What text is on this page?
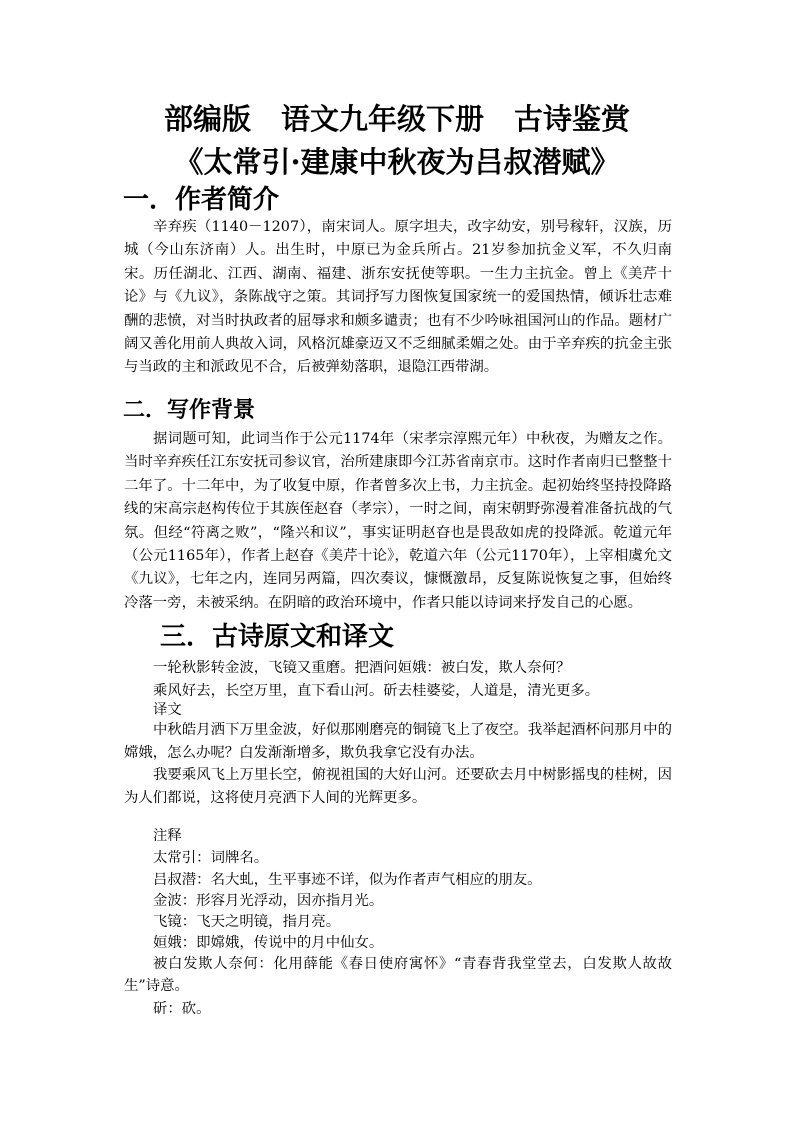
部编版 语文九年级下册 古诗鉴赏
《太常引·建康中秋夜为吕叔潜赋》
一．作者简介

辛弃疾（1140－1207），南宋词人。原字坦夫，改字幼安，别号稼轩，汉族，历城（今山东济南）人。出生时，中原已为金兵所占。21岁参加抗金义军，不久归南宋。历任湖北、江西、湖南、福建、浙东安抚使等职。一生力主抗金。曾上《美芹十论》与《九议》，条陈战守之策。其词抒写力图恢复国家统一的爱国热情，倾诉壮志难酬的悲愤，对当时执政者的屈辱求和颇多谴责；也有不少吟咏祖国河山的作品。题材广阔又善化用前人典故入词，风格沉雄豪迈又不乏细腻柔媚之处。由于辛弃疾的抗金主张与当政的主和派政见不合，后被弹劾落职，退隐江西带湖。

二．写作背景

据词题可知，此词当作于公元1174年（宋孝宗淳熙元年）中秋夜，为赠友之作。当时辛弃疾任江东安抚司参议官，治所建康即今江苏省南京市。这时作者南归已整整十二年了。十二年中，为了收复中原，作者曾多次上书，力主抗金。起初始终坚持投降路线的宋高宗赵构传位于其族侄赵昚（孝宗），一时之间，南宋朝野弥漫着准备抗战的气氛。但经“符离之败”，“隆兴和议”，事实证明赵昚也是畏敌如虎的投降派。乾道元年（公元1165年），作者上赵昚《美芹十论》，乾道六年（公元1170年），上宰相虞允文《九议》，七年之内，连同另两篇，四次奏议，慷慨激昂，反复陈说恢复之事，但始终冷落一旁，未被采纳。在阴暗的政治环境中，作者只能以诗词来抒发自己的心愿。

三．古诗原文和译文
一轮秋影转金波，飞镜又重磨。把酒问姮娥：被白发，欺人奈何？
乘风好去，长空万里，直下看山河。斫去桂婆娑，人道是，清光更多。
译文
中秋皓月洒下万里金波，好似那刚磨亮的铜镜飞上了夜空。我举起酒杯问那月中的嫦娥，怎么办呢？白发渐渐增多，欺负我拿它没有办法。
我要乘风飞上万里长空，俯视祖国的大好山河。还要砍去月中树影摇曳的桂树，因为人们都说，这将使月亮洒下人间的光辉更多。
注释
太常引：词牌名。
吕叔潜：名大虬，生平事迹不详，似为作者声气相应的朋友。
金波：形容月光浮动，因亦指月光。
飞镜：飞天之明镜，指月亮。
姮娥：即嫦娥，传说中的月中仙女。
被白发欺人奈何：化用薛能《春日使府寓怀》“青春背我堂堂去，白发欺人故故生”诗意。
斫：砍。
